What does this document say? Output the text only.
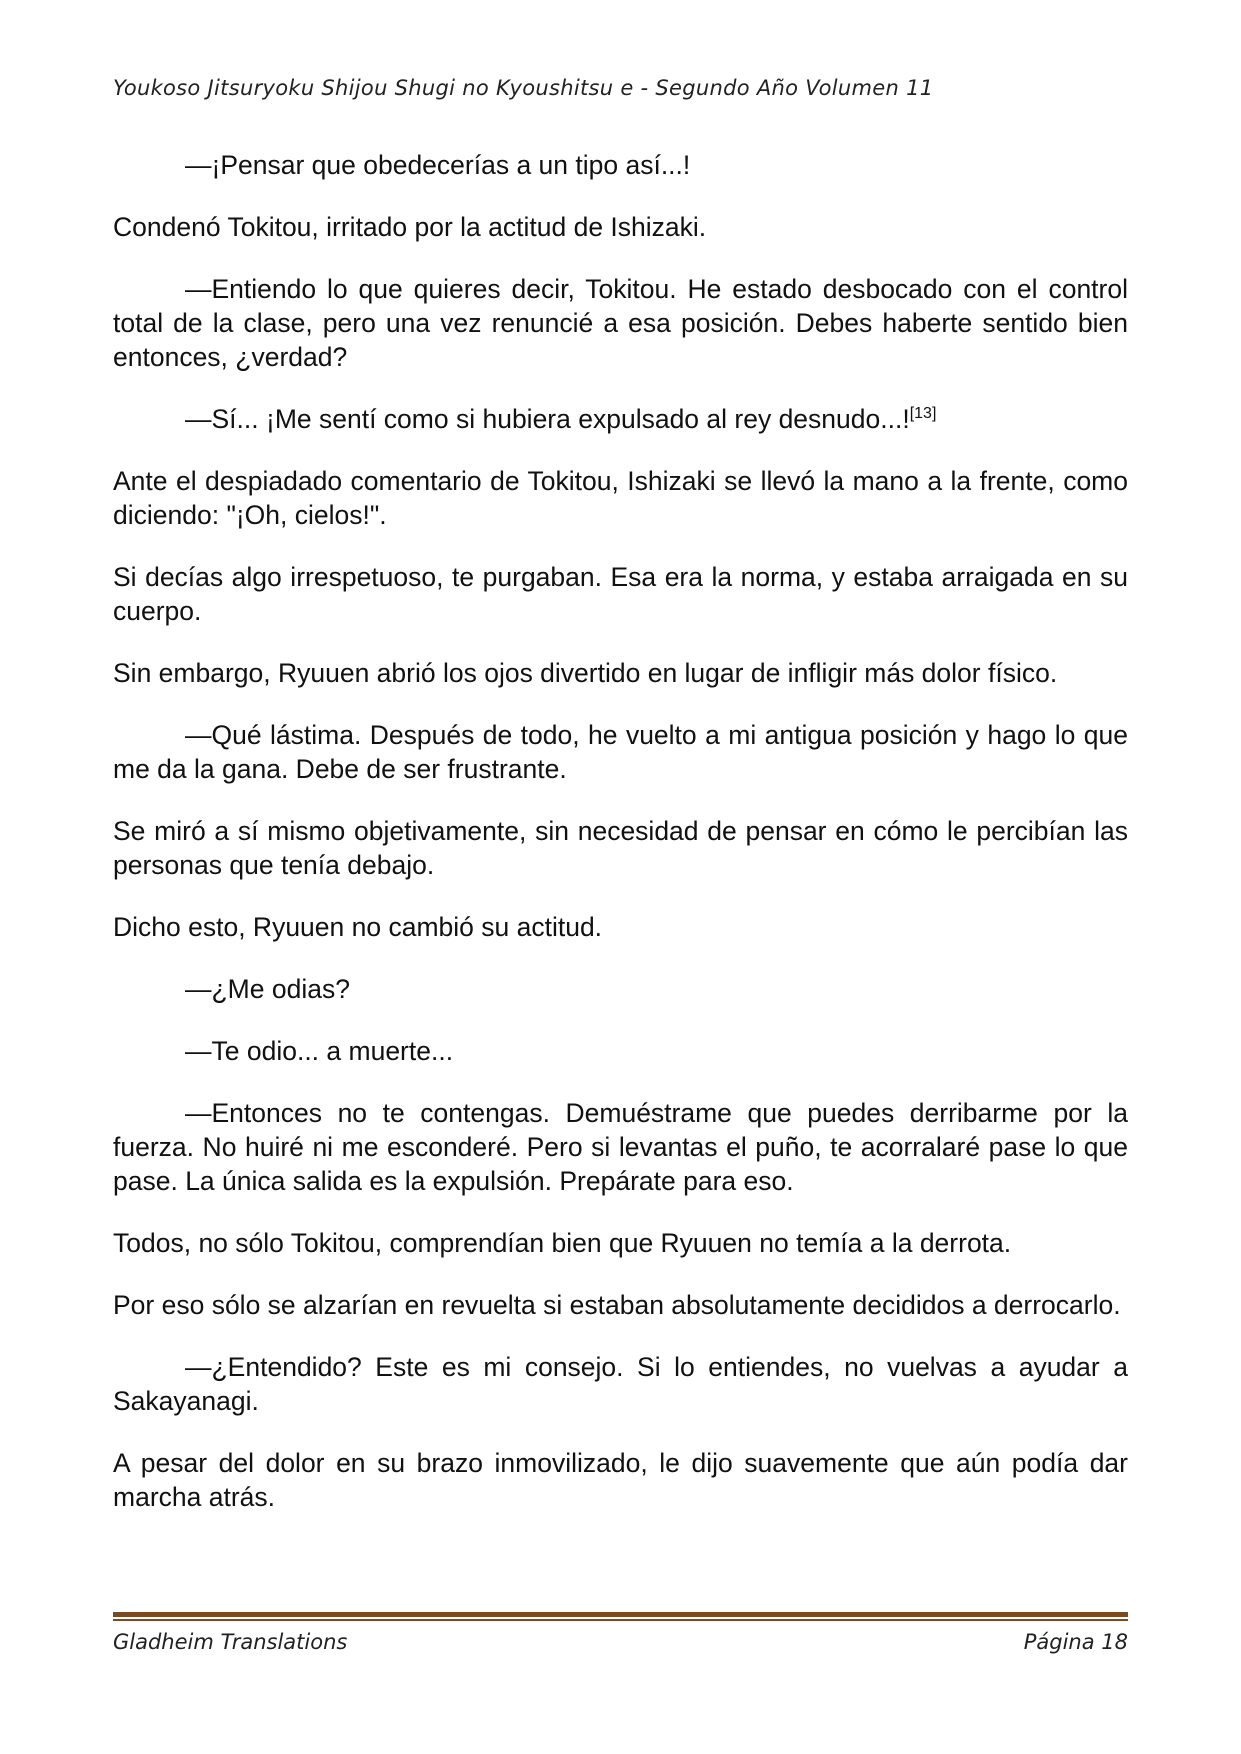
Youkoso Jitsuryoku Shijou Shugi no Kyoushitsu e - Segundo Año Volumen 11

—¡Pensar que obedecerías a un tipo así...!

Condenó Tokitou, irritado por la actitud de Ishizaki.

—Entiendo lo que quieres decir, Tokitou. He estado desbocado con el control total de la clase, pero una vez renuncié a esa posición. Debes haberte sentido bien entonces, ¿verdad?

—Sí... ¡Me sentí como si hubiera expulsado al rey desnudo...![13]

Ante el despiadado comentario de Tokitou, Ishizaki se llevó la mano a la frente, como diciendo: "¡Oh, cielos!".

Si decías algo irrespetuoso, te purgaban. Esa era la norma, y estaba arraigada en su cuerpo.

Sin embargo, Ryuuen abrió los ojos divertido en lugar de infligir más dolor físico.

—Qué lástima. Después de todo, he vuelto a mi antigua posición y hago lo que me da la gana. Debe de ser frustrante.

Se miró a sí mismo objetivamente, sin necesidad de pensar en cómo le percibían las personas que tenía debajo.

Dicho esto, Ryuuen no cambió su actitud.

—¿Me odias?

—Te odio... a muerte...

—Entonces no te contengas. Demuéstrame que puedes derribarme por la fuerza. No huiré ni me esconderé. Pero si levantas el puño, te acorralaré pase lo que pase. La única salida es la expulsión. Prepárate para eso.

Todos, no sólo Tokitou, comprendían bien que Ryuuen no temía a la derrota.

Por eso sólo se alzarían en revuelta si estaban absolutamente decididos a derrocarlo.

—¿Entendido? Este es mi consejo. Si lo entiendes, no vuelvas a ayudar a Sakayanagi.

A pesar del dolor en su brazo inmovilizado, le dijo suavemente que aún podía dar marcha atrás.

Gladheim Translations	Página 18
